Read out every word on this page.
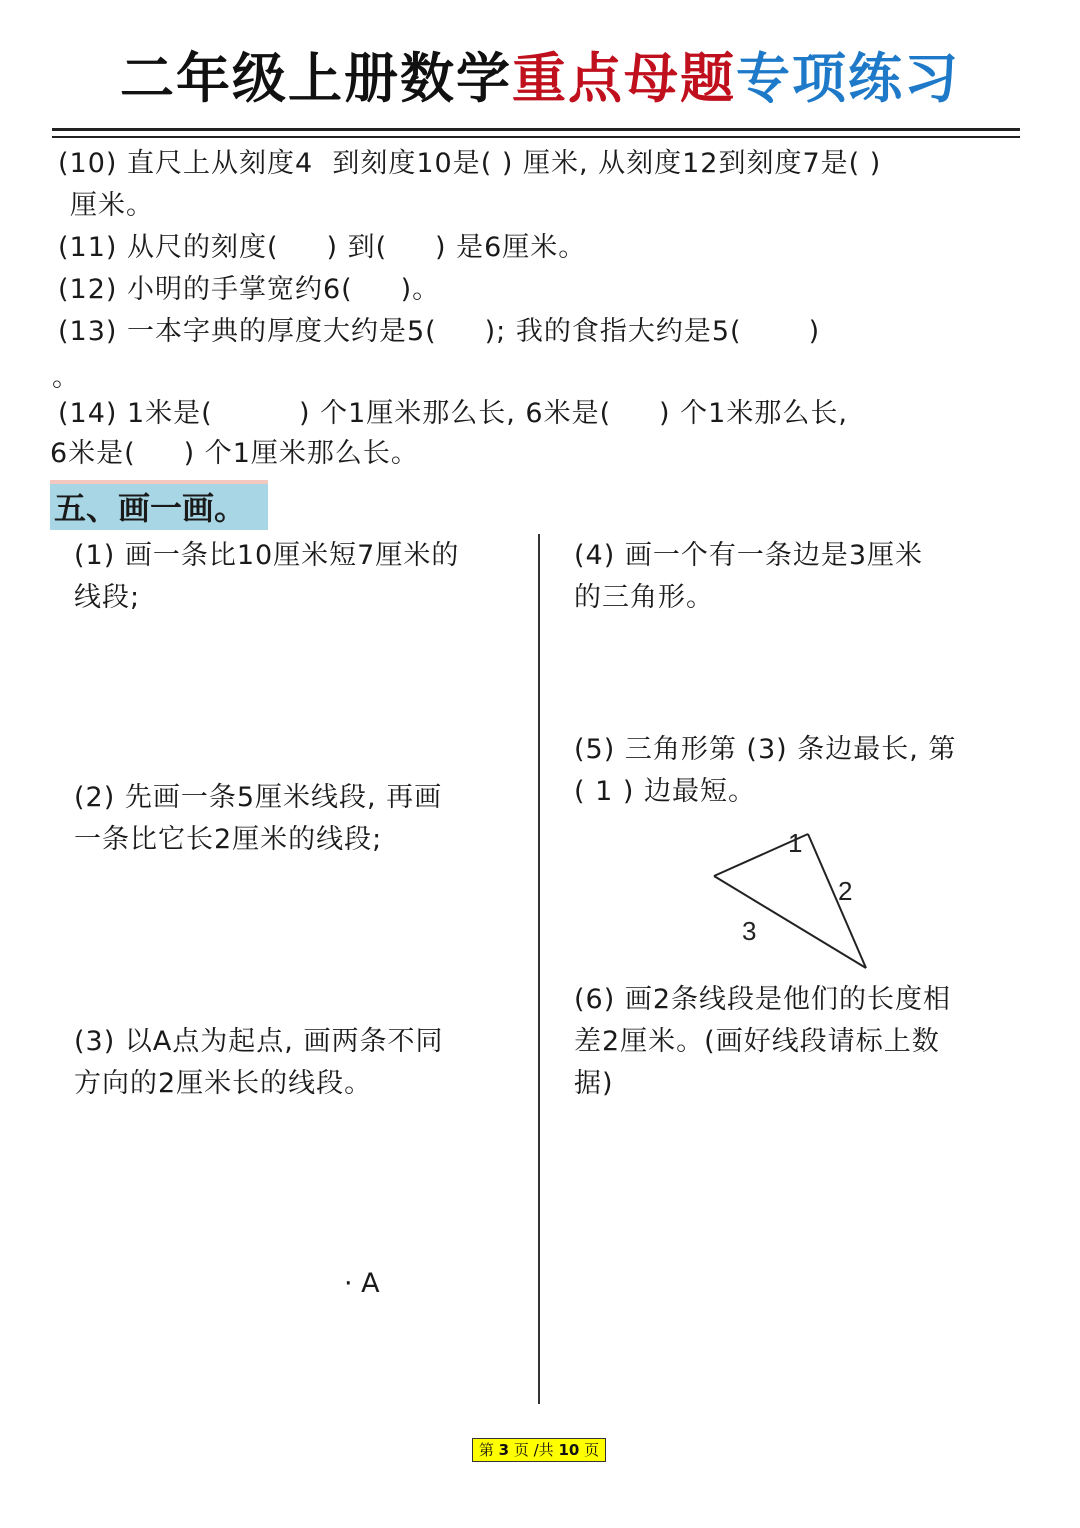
二年级上册数学重点母题专项练习
(10) 直尺上从刻度4  到刻度10是( ) 厘米, 从刻度12到刻度7是( )
厘米。
(11) 从尺的刻度(     ) 到(     ) 是6厘米。
(12) 小明的手掌宽约6(     )。
(13) 一本字典的厚度大约是5(     ); 我的食指大约是5(       )
。
(14) 1米是(         ) 个1厘米那么长, 6米是(     ) 个1米那么长,
6米是(     ) 个1厘米那么长。
五、画一画。
(1) 画一条比10厘米短7厘米的
线段;
(2) 先画一条5厘米线段, 再画
一条比它长2厘米的线段;
(3) 以A点为起点, 画两条不同
方向的2厘米长的线段。
· A
(4) 画一个有一条边是3厘米
的三角形。
(5) 三角形第 (3) 条边最长, 第
( 1 ) 边最短。
1
2
3
(6) 画2条线段是他们的长度相
差2厘米。(画好线段请标上数
据)
第 3 页 /共 10 页
